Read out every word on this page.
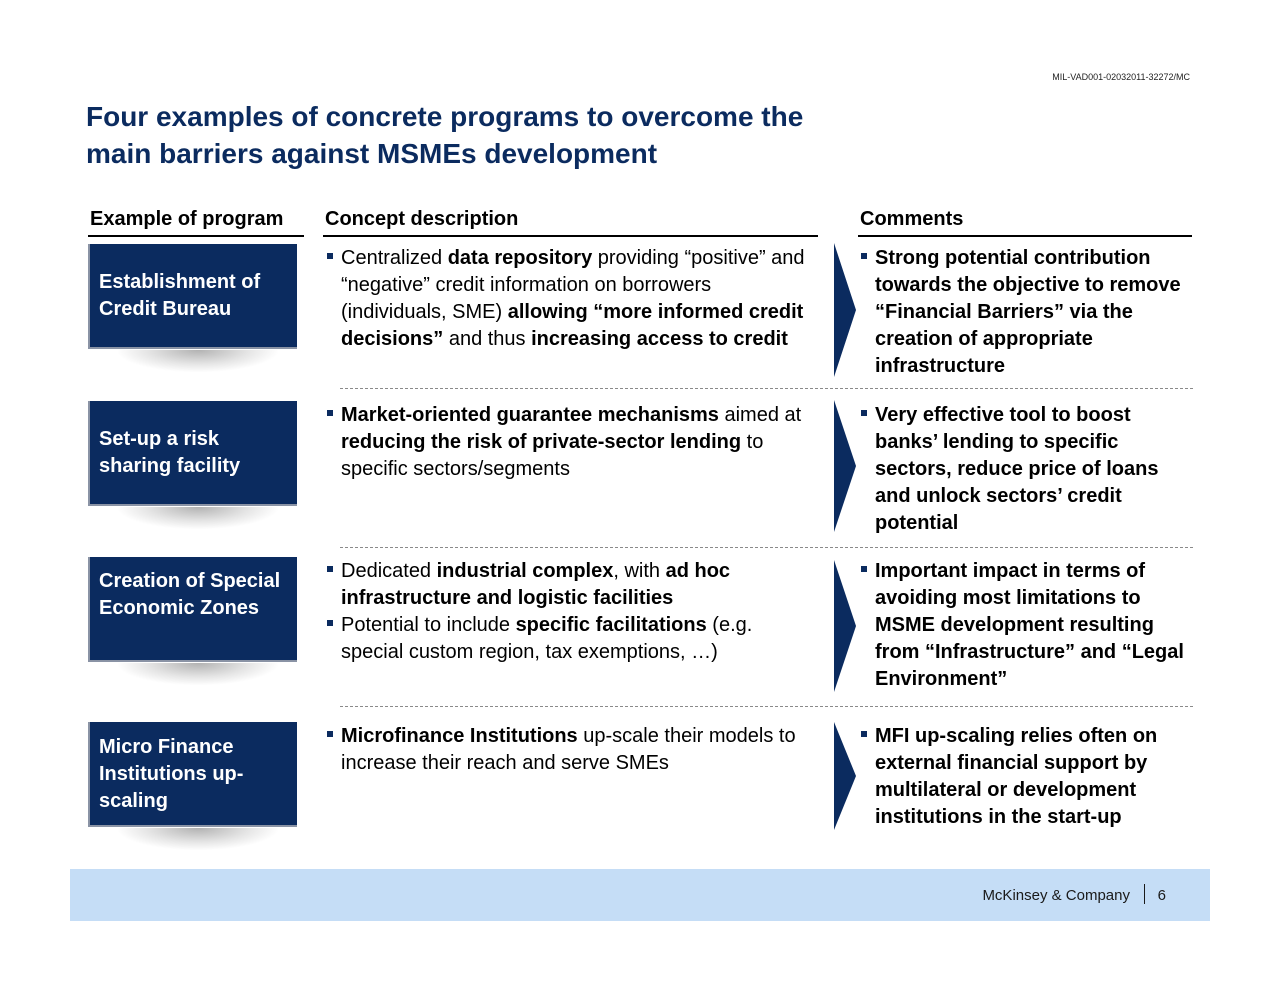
MIL-VAD001-02032011-32272/MC
Four examples of concrete programs to overcome the
main barriers against MSMEs development
Example of program Concept description	Comments
Establishment of Credit Bureau
Centralized data repository providing “positive” and “negative” credit information on borrowers (individuals, SME) allowing “more informed credit decisions” and thus increasing access to credit
Strong potential contribution towards the objective to remove “Financial Barriers” via the creation of appropriate infrastructure
Set-up a risk sharing facility
Market-oriented guarantee mechanisms aimed at reducing the risk of private-sector lending to specific sectors/segments
Very effective tool to boost banks’ lending to specific sectors, reduce price of loans and unlock sectors’ credit potential
Creation of Special Economic Zones
Dedicated industrial complex, with ad hoc infrastructure and logistic facilities
Potential to include specific facilitations (e.g. special custom region, tax exemptions, …)
Important impact in terms of avoiding most limitations to MSME development resulting from “Infrastructure” and “Legal Environment”
Micro Finance Institutions up-scaling
Microfinance Institutions up-scale their models to increase their reach and serve SMEs
MFI up-scaling relies often on external financial support by multilateral or development institutions in the start-up
McKinsey & Company 6
